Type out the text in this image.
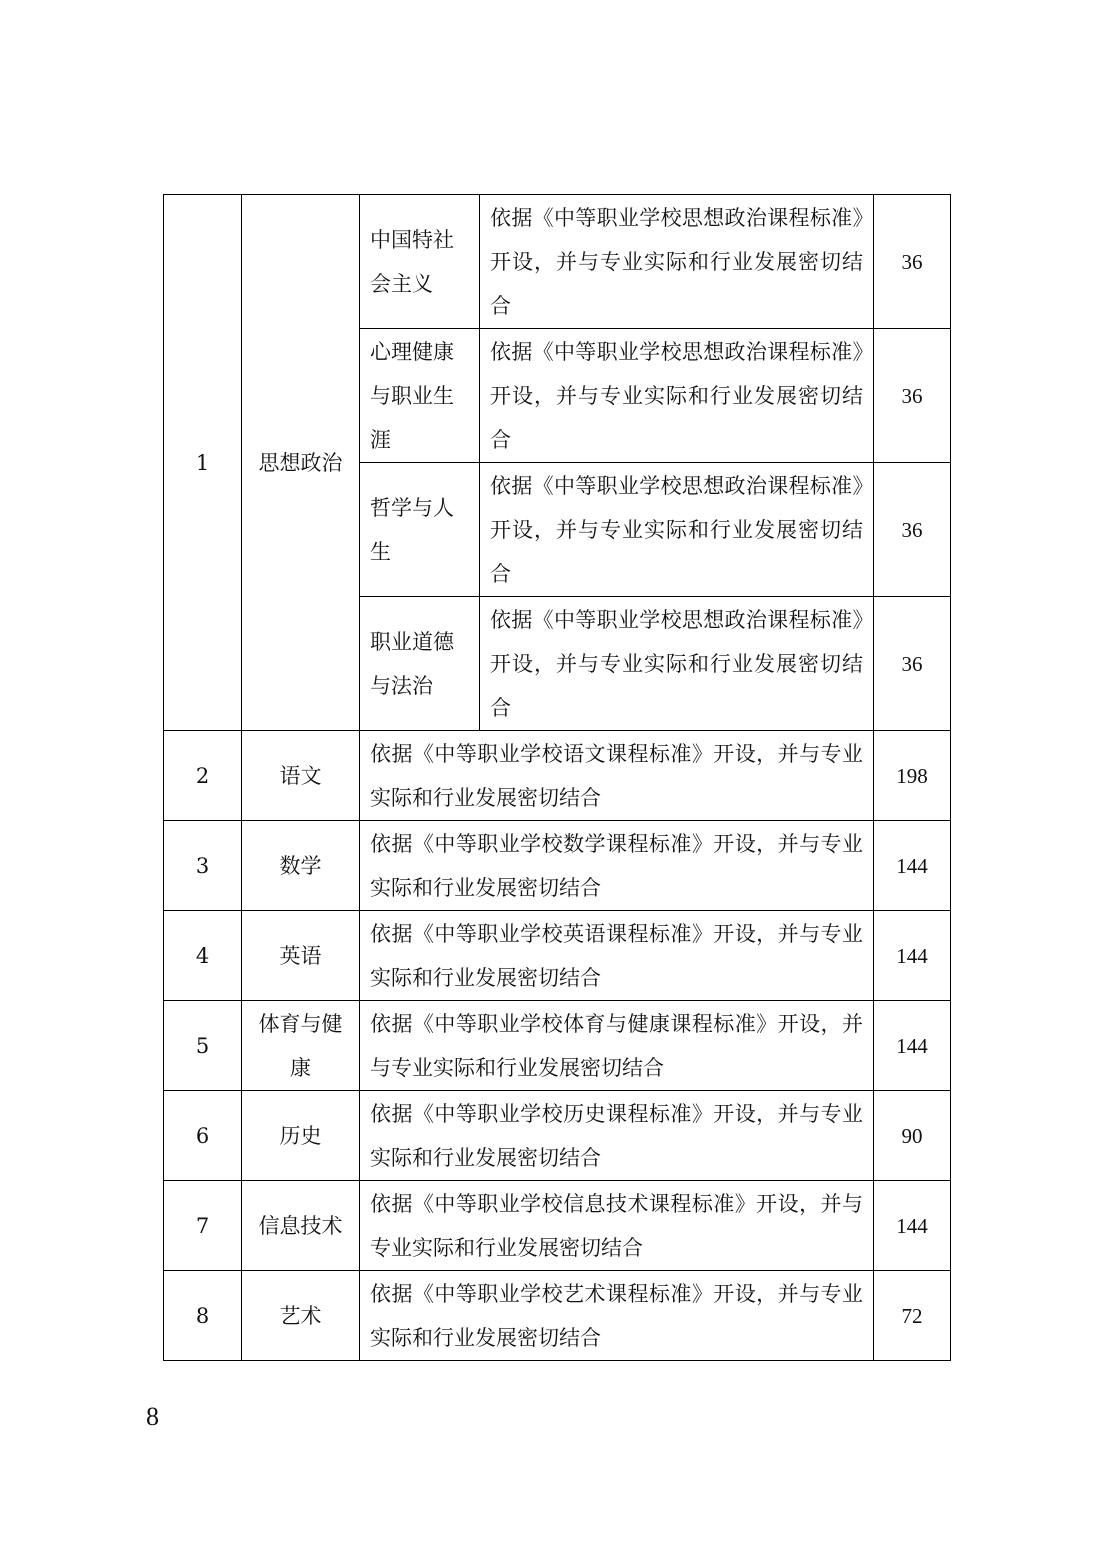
1	思想政治	中国特社会主义	依据《中等职业学校思想政治课程标准》开设，并与专业实际和行业发展密切结合	36
		心理健康与职业生涯	依据《中等职业学校思想政治课程标准》开设，并与专业实际和行业发展密切结合	36
		哲学与人生	依据《中等职业学校思想政治课程标准》开设，并与专业实际和行业发展密切结合	36
		职业道德与法治	依据《中等职业学校思想政治课程标准》开设，并与专业实际和行业发展密切结合	36
2	语文	依据《中等职业学校语文课程标准》开设，并与专业实际和行业发展密切结合		198
3	数学	依据《中等职业学校数学课程标准》开设，并与专业实际和行业发展密切结合		144
4	英语	依据《中等职业学校英语课程标准》开设，并与专业实际和行业发展密切结合		144
5	体育与健康	依据《中等职业学校体育与健康课程标准》开设，并与专业实际和行业发展密切结合		144
6	历史	依据《中等职业学校历史课程标准》开设，并与专业实际和行业发展密切结合		90
7	信息技术	依据《中等职业学校信息技术课程标准》开设，并与专业实际和行业发展密切结合		144
8	艺术	依据《中等职业学校艺术课程标准》开设，并与专业实际和行业发展密切结合		72
8
